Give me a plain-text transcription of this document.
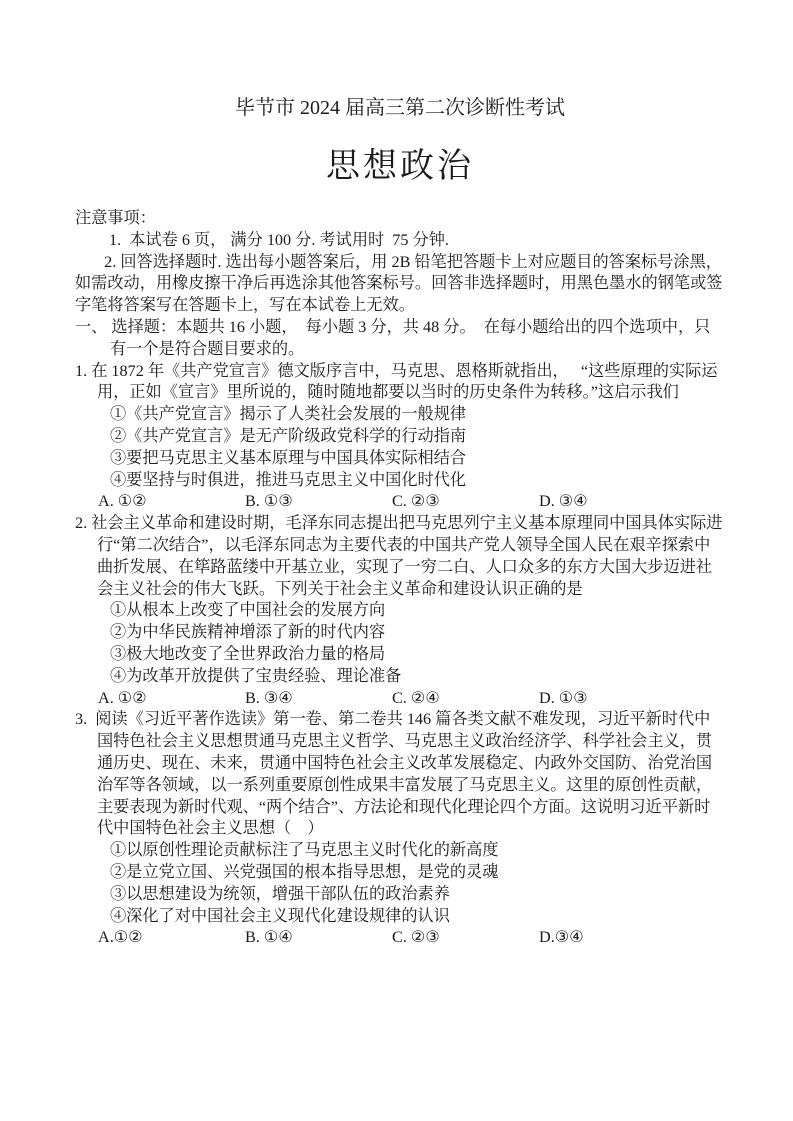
毕节市 2024 届高三第二次诊断性考试
思想政治

注意事项：

1.  本试卷 6 页， 满分 100 分. 考试用时  75 分钟.

2. 回答选择题时. 选出每小题答案后，用 2B 铅笔把答题卡上对应题目的答案标号涂黑，如需改动，用橡皮擦干净后再选涂其他答案标号。回答非选择题时，用黑色墨水的钢笔或签字笔将答案写在答题卡上，写在本试卷上无效。

一、 选择题：本题共 16 小题，  每小题 3 分，共 48 分。  在每小题给出的四个选项中，只有一个是符合题目要求的。

1. 在 1872 年《共产党宣言》德文版序言中，马克思、恩格斯就指出，   “这些原理的实际运用，正如《宣言》里所说的，随时随地都要以当时的历史条件为转移。”这启示我们

①《共产党宣言》揭示了人类社会发展的一般规律

②《共产党宣言》是无产阶级政党科学的行动指南

③要把马克思主义基本原理与中国具体实际相结合

④要坚持与时俱进，推进马克思主义中国化时代化

A. ①②	B. ①③	C. ②③	D. ③④

2. 社会主义革命和建设时期，毛泽东同志提出把马克思列宁主义基本原理同中国具体实际进行“第二次结合”，以毛泽东同志为主要代表的中国共产党人领导全国人民在艰辛探索中曲折发展、在筚路蓝缕中开基立业，实现了一穷二白、人口众多的东方大国大步迈进社会主义社会的伟大飞跃。下列关于社会主义革命和建设认识正确的是

①从根本上改变了中国社会的发展方向

②为中华民族精神增添了新的时代内容

③极大地改变了全世界政治力量的格局

④为改革开放提供了宝贵经验、理论准备

A. ①②	B. ③④	C. ②④	D. ①③

3.  阅读《习近平著作选读》第一卷、第二卷共 146 篇各类文献不难发现，习近平新时代中国特色社会主义思想贯通马克思主义哲学、马克思主义政治经济学、科学社会主义，贯通历史、现在、未来，贯通中国特色社会主义改革发展稳定、内政外交国防、治党治国治军等各领域，以一系列重要原创性成果丰富发展了马克思主义。这里的原创性贡献，主要表现为新时代观、“两个结合”、方法论和现代化理论四个方面。这说明习近平新时代中国特色社会主义思想（　）

①以原创性理论贡献标注了马克思主义时代化的新高度

②是立党立国、兴党强国的根本指导思想，是党的灵魂

③以思想建设为统领，增强干部队伍的政治素养

④深化了对中国社会主义现代化建设规律的认识

A.①②	B. ①④	C. ②③	D.③④
